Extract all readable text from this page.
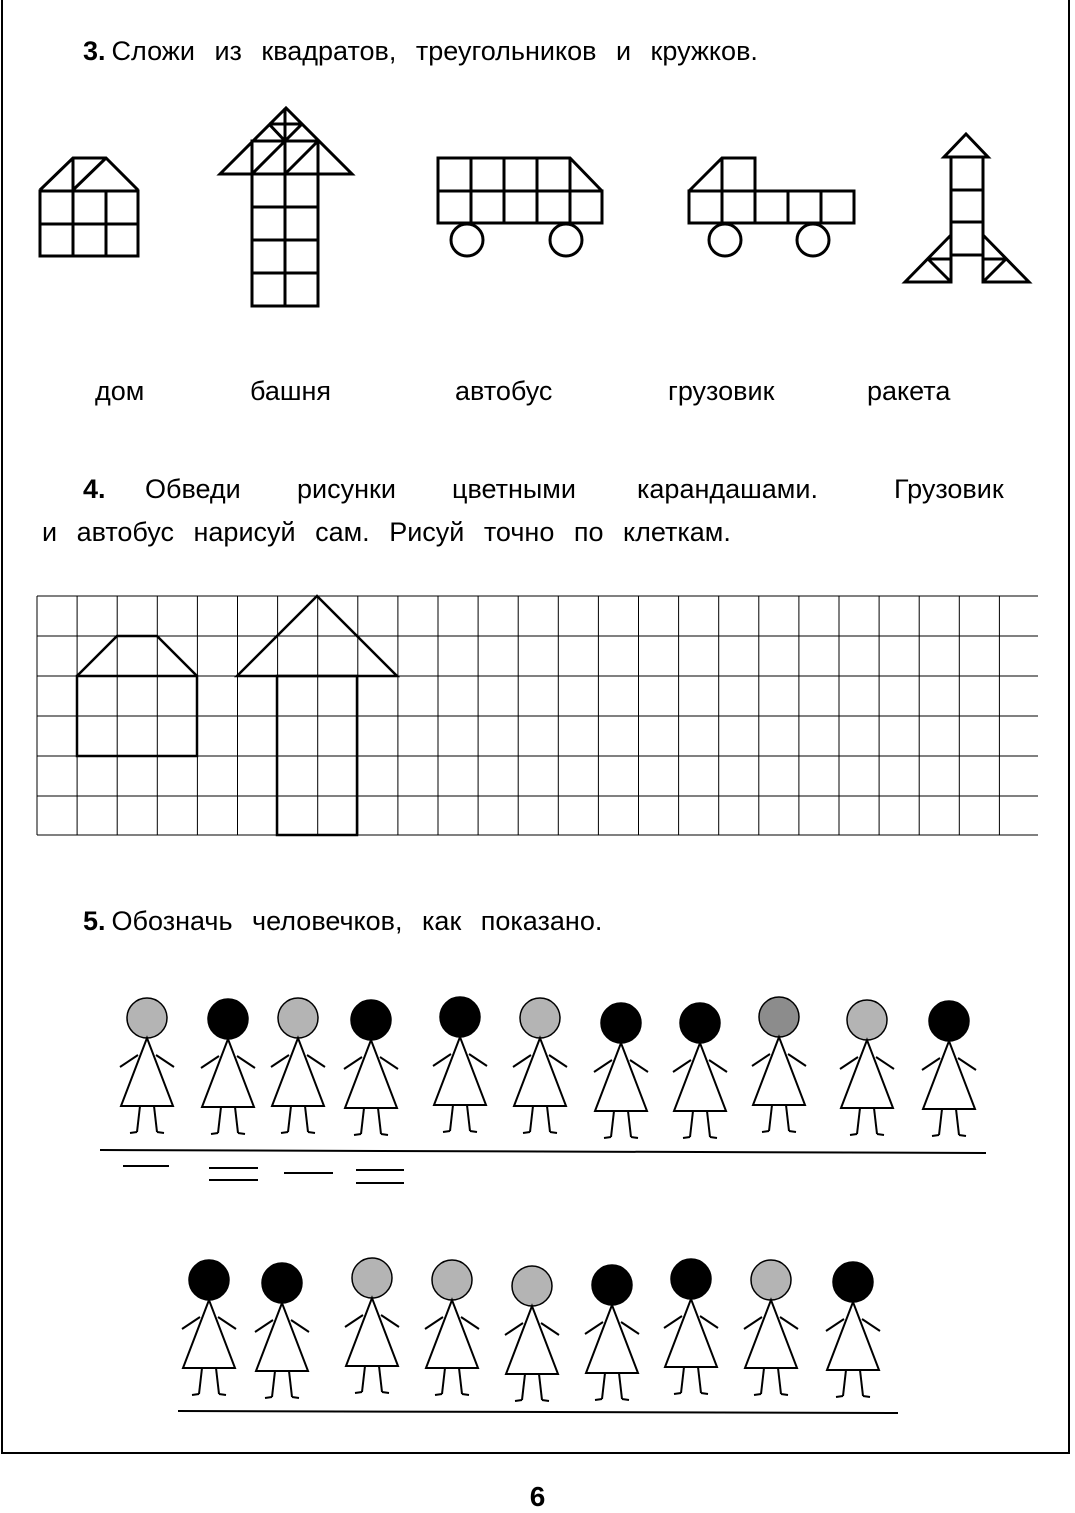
3. Сложи из квадратов, треугольников и кружков.
дом	башня	автобус	грузовик	ракета
4. Обведи рисунки цветными карандашами.	Грузовик
и автобус нарисуй сам. Рисуй точно по клеткам.
5. Обозначь человечков, как показано.
6
